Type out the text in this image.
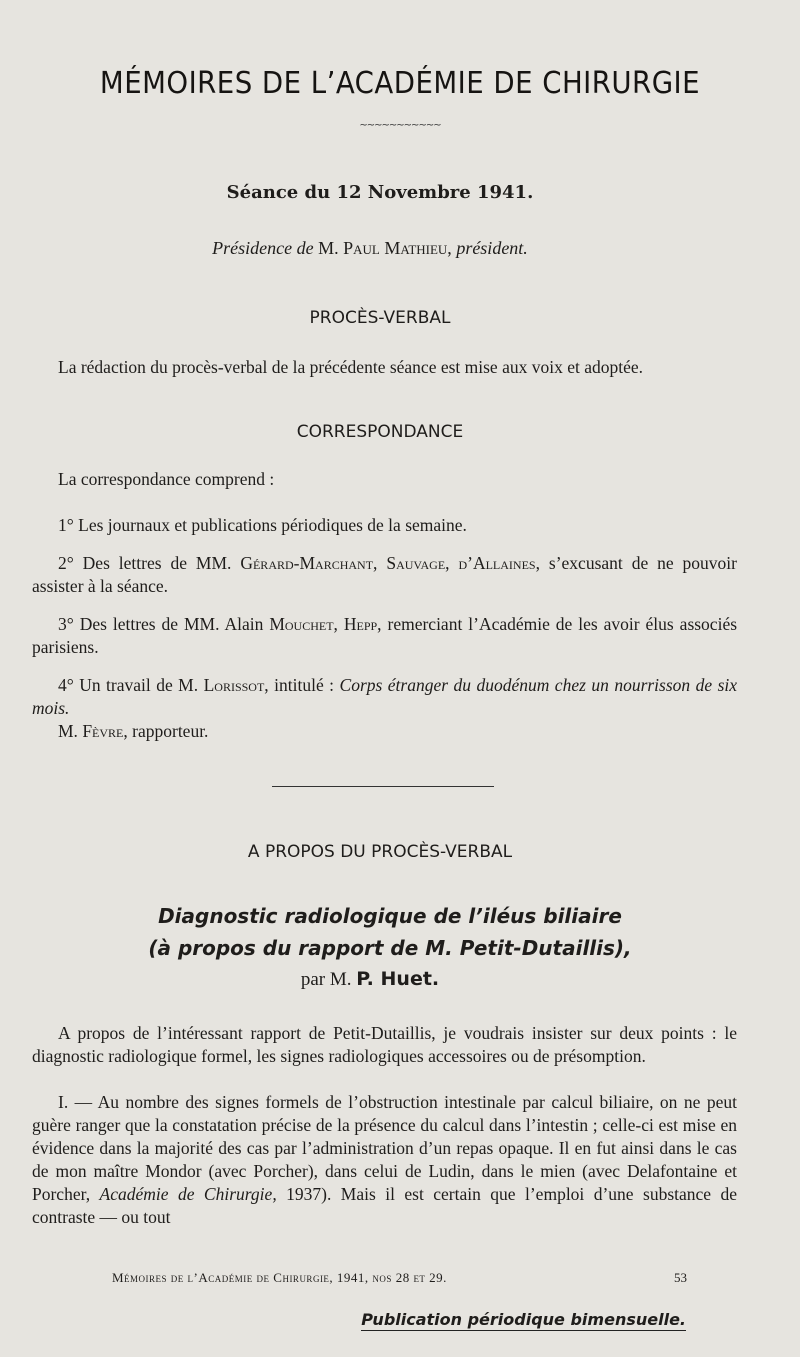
MÉMOIRES DE L’ACADÉMIE DE CHIRURGIE
~~~~~~~~~~~
Séance du 12 Novembre 1941.
Présidence de M. Paul Mathieu, président.
PROCÈS-VERBAL
La rédaction du procès-verbal de la précédente séance est mise aux voix et adoptée.
CORRESPONDANCE
La correspondance comprend :
1° Les journaux et publications périodiques de la semaine.
2° Des lettres de MM. Gérard-Marchant, Sauvage, d’Allaines, s’excusant de ne pouvoir assister à la séance.
3° Des lettres de MM. Alain Mouchet, Hepp, remerciant l’Académie de les avoir élus associés parisiens.
4° Un travail de M. Lorissot, intitulé : Corps étranger du duodénum chez un nourrisson de six mois.
M. Fèvre, rapporteur.
A PROPOS DU PROCÈS-VERBAL
Diagnostic radiologique de l’iléus biliaire
(à propos du rapport de M. Petit-Dutaillis),
par M. P. Huet.
A propos de l’intéressant rapport de Petit-Dutaillis, je voudrais insister sur deux points : le diagnostic radiologique formel, les signes radiologiques accessoires ou de présomption.
I. — Au nombre des signes formels de l’obstruction intestinale par calcul biliaire, on ne peut guère ranger que la constatation précise de la présence du calcul dans l’intestin ; celle-ci est mise en évidence dans la majorité des cas par l’administration d’un repas opaque. Il en fut ainsi dans le cas de mon maître Mondor (avec Porcher), dans celui de Ludin, dans le mien (avec Delafontaine et Porcher, Académie de Chirurgie, 1937). Mais il est certain que l’emploi d’une substance de contraste — ou tout
Mémoires de l’Académie de Chirurgie, 1941, nos 28 et 29.	53
Publication périodique bimensuelle.
